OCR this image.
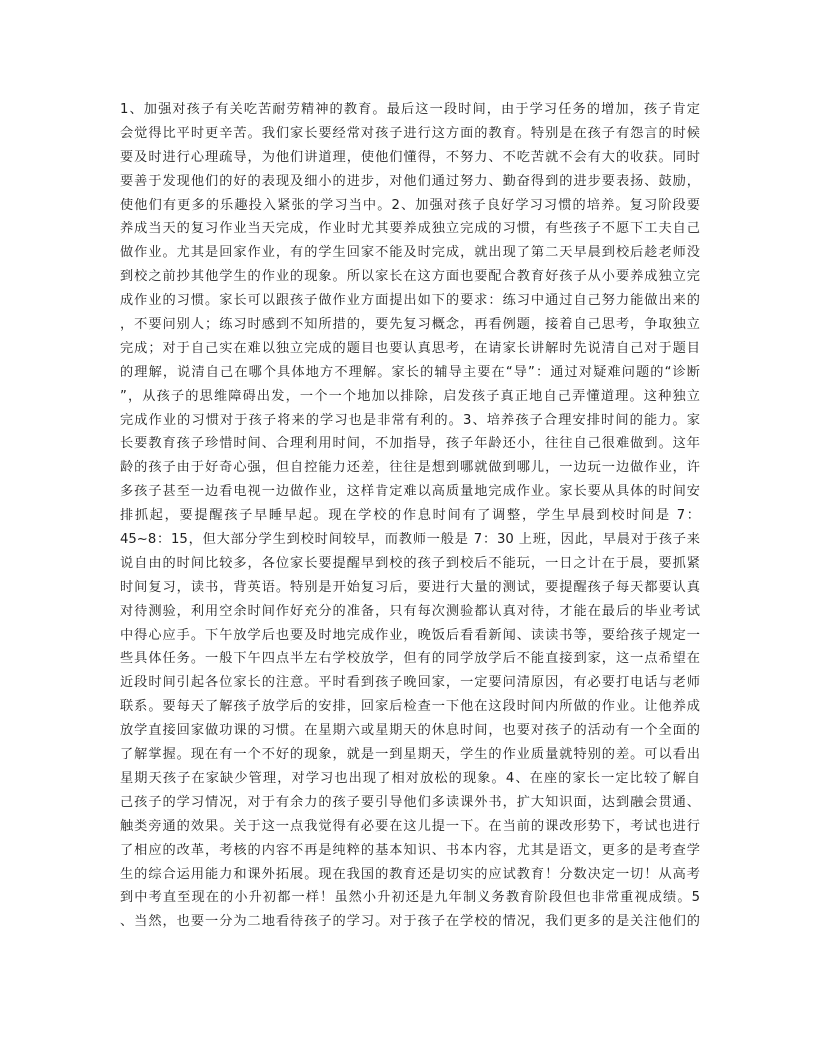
1、加强对孩子有关吃苦耐劳精神的教育。最后这一段时间，由于学习任务的增加，孩子肯定
会觉得比平时更辛苦。我们家长要经常对孩子进行这方面的教育。特别是在孩子有怨言的时候
要及时进行心理疏导，为他们讲道理，使他们懂得，不努力、不吃苦就不会有大的收获。同时
要善于发现他们的好的表现及细小的进步，对他们通过努力、勤奋得到的进步要表扬、鼓励，
使他们有更多的乐趣投入紧张的学习当中。2、加强对孩子良好学习习惯的培养。复习阶段要
养成当天的复习作业当天完成，作业时尤其要养成独立完成的习惯，有些孩子不愿下工夫自己
做作业。尤其是回家作业，有的学生回家不能及时完成，就出现了第二天早晨到校后趁老师没
到校之前抄其他学生的作业的现象。所以家长在这方面也要配合教育好孩子从小要养成独立完
成作业的习惯。家长可以跟孩子做作业方面提出如下的要求：练习中通过自己努力能做出来的
，不要问别人；练习时感到不知所措的，要先复习概念，再看例题，接着自己思考，争取独立
完成；对于自己实在难以独立完成的题目也要认真思考，在请家长讲解时先说清自己对于题目
的理解，说清自己在哪个具体地方不理解。家长的辅导主要在“导”：通过对疑难问题的“诊断
”，从孩子的思维障碍出发，一个一个地加以排除，启发孩子真正地自己弄懂道理。这种独立
完成作业的习惯对于孩子将来的学习也是非常有利的。3、培养孩子合理安排时间的能力。家
长要教育孩子珍惜时间、合理利用时间，不加指导，孩子年龄还小，往往自己很难做到。这年
龄的孩子由于好奇心强，但自控能力还差，往往是想到哪就做到哪儿，一边玩一边做作业，许
多孩子甚至一边看电视一边做作业，这样肯定难以高质量地完成作业。家长要从具体的时间安
排抓起，要提醒孩子早睡早起。现在学校的作息时间有了调整，学生早晨到校时间是 7：
45~8：15，但大部分学生到校时间较早，而教师一般是 7：30 上班，因此，早晨对于孩子来
说自由的时间比较多，各位家长要提醒早到校的孩子到校后不能玩，一日之计在于晨，要抓紧
时间复习，读书，背英语。特别是开始复习后，要进行大量的测试，要提醒孩子每天都要认真
对待测验，利用空余时间作好充分的准备，只有每次测验都认真对待，才能在最后的毕业考试
中得心应手。下午放学后也要及时地完成作业，晚饭后看看新闻、读读书等，要给孩子规定一
些具体任务。一般下午四点半左右学校放学，但有的同学放学后不能直接到家，这一点希望在
近段时间引起各位家长的注意。平时看到孩子晚回家，一定要问清原因，有必要打电话与老师
联系。要每天了解孩子放学后的安排，回家后检查一下他在这段时间内所做的作业。让他养成
放学直接回家做功课的习惯。在星期六或星期天的休息时间，也要对孩子的活动有一个全面的
了解掌握。现在有一个不好的现象，就是一到星期天，学生的作业质量就特别的差。可以看出
星期天孩子在家缺少管理，对学习也出现了相对放松的现象。4、在座的家长一定比较了解自
己孩子的学习情况，对于有余力的孩子要引导他们多读课外书，扩大知识面，达到融会贯通、
触类旁通的效果。关于这一点我觉得有必要在这儿提一下。在当前的课改形势下，考试也进行
了相应的改革，考核的内容不再是纯粹的基本知识、书本内容，尤其是语文，更多的是考查学
生的综合运用能力和课外拓展。现在我国的教育还是切实的应试教育！分数决定一切！从高考
到中考直至现在的小升初都一样！虽然小升初还是九年制义务教育阶段但也非常重视成绩。5
、当然，也要一分为二地看待孩子的学习。对于孩子在学校的情况，我们更多的是关注他们的
